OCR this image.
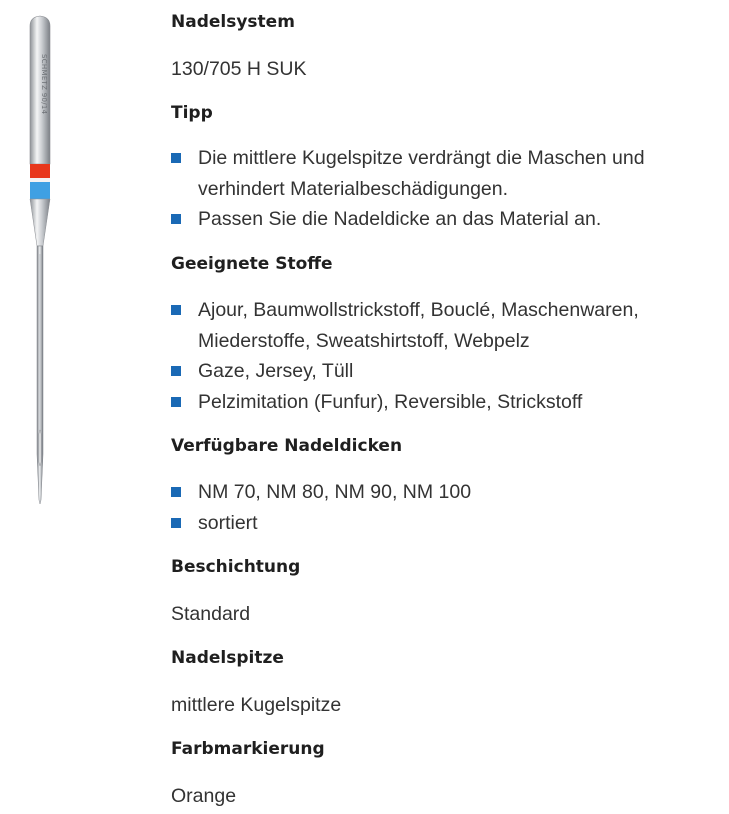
SCHMETZ 90/14
Nadelsystem
130/705 H SUK
Tipp
Die mittlere Kugelspitze verdrängt die Maschen und verhindert Materialbeschädigungen.
Passen Sie die Nadeldicke an das Material an.
Geeignete Stoffe
Ajour, Baumwollstrickstoff, Bouclé, Maschenwaren, Miederstoffe, Sweatshirtstoff, Webpelz
Gaze, Jersey, Tüll
Pelzimitation (Funfur), Reversible, Strickstoff
Verfügbare Nadeldicken
NM 70, NM 80, NM 90, NM 100
sortiert
Beschichtung
Standard
Nadelspitze
mittlere Kugelspitze
Farbmarkierung
Orange
